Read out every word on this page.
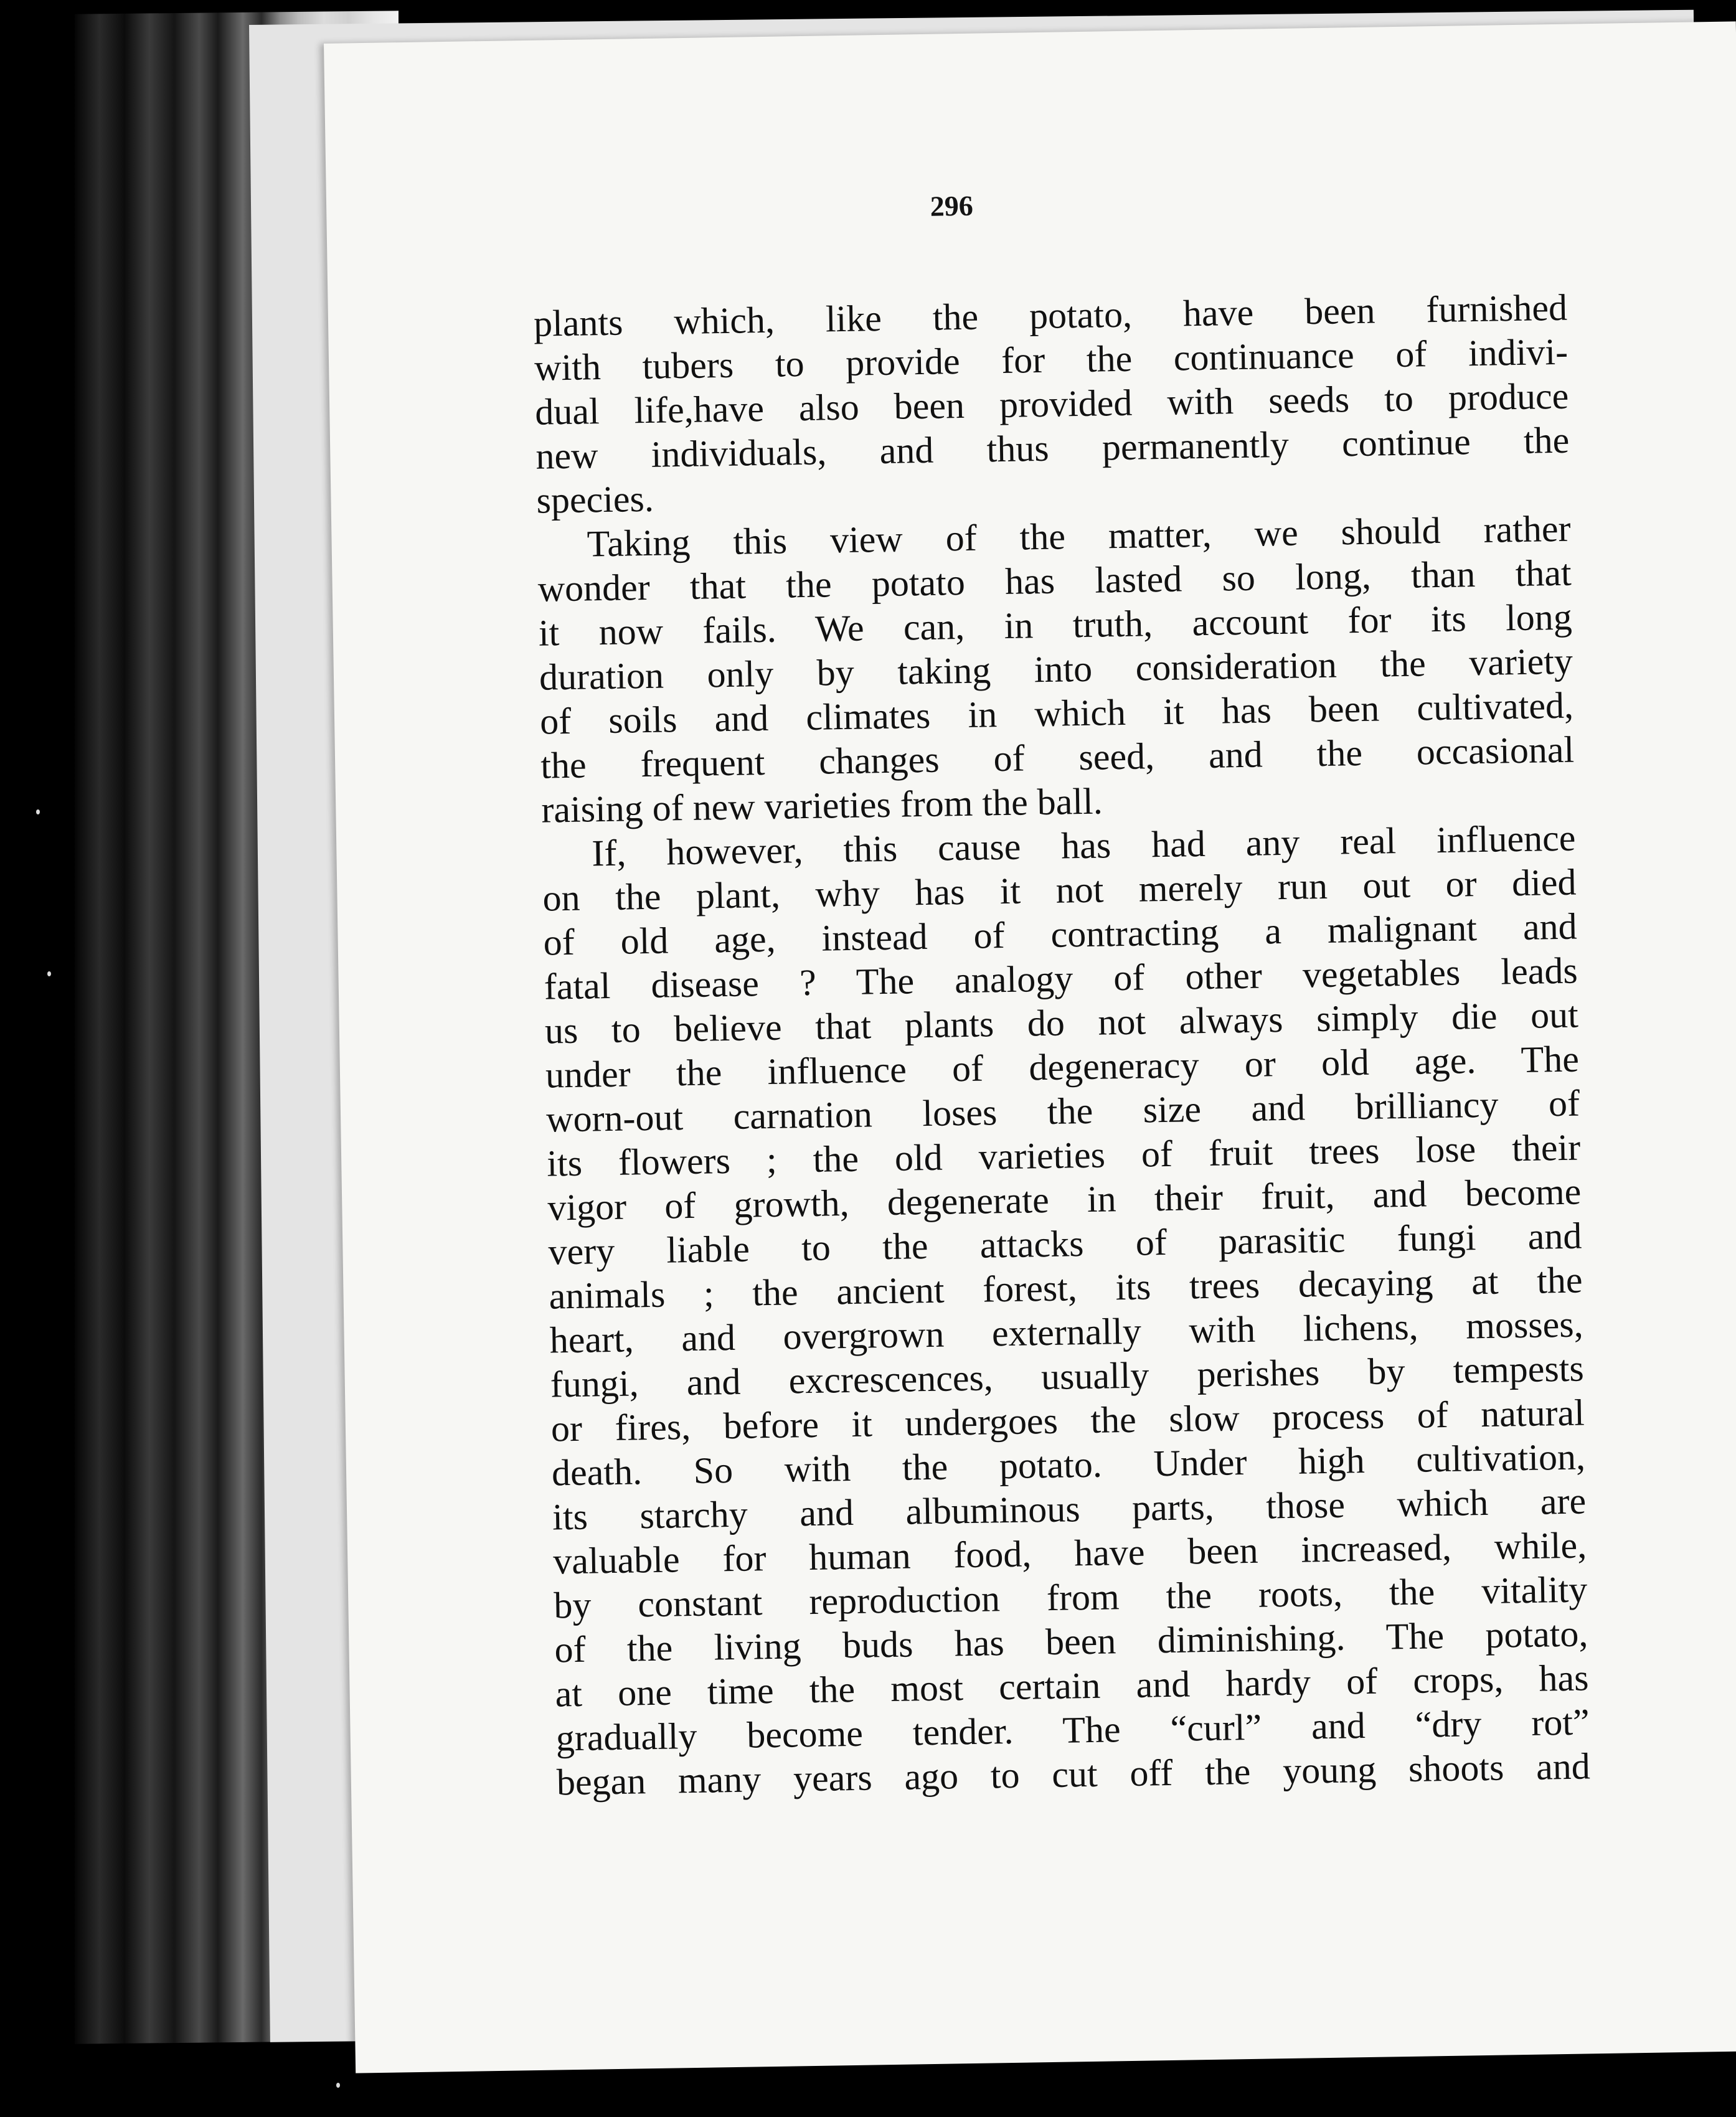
296
plants which, like the potato, have been furnished
with tubers to provide for the continuance of indivi-
dual life,have also been provided with seeds to produce
new individuals, and thus permanently continue the
species.
Taking this view of the matter, we should rather
wonder that the potato has lasted so long, than that
it now fails. We can, in truth, account for its long
duration only by taking into consideration the variety
of soils and climates in which it has been cultivated,
the frequent changes of seed, and the occasional
raising of new varieties from the ball.
If, however, this cause has had any real influence
on the plant, why has it not merely run out or died
of old age, instead of contracting a malignant and
fatal disease ? The analogy of other vegetables leads
us to believe that plants do not always simply die out
under the influence of degeneracy or old age. The
worn-out carnation loses the size and brilliancy of
its flowers ; the old varieties of fruit trees lose their
vigor of growth, degenerate in their fruit, and become
very liable to the attacks of parasitic fungi and
animals ; the ancient forest, its trees decaying at the
heart, and overgrown externally with lichens, mosses,
fungi, and excrescences, usually perishes by tempests
or fires, before it undergoes the slow process of natural
death. So with the potato. Under high cultivation,
its starchy and albuminous parts, those which are
valuable for human food, have been increased, while,
by constant reproduction from the roots, the vitality
of the living buds has been diminishing. The potato,
at one time the most certain and hardy of crops, has
gradually become tender. The “curl” and “dry rot”
began many years ago to cut off the young shoots and
